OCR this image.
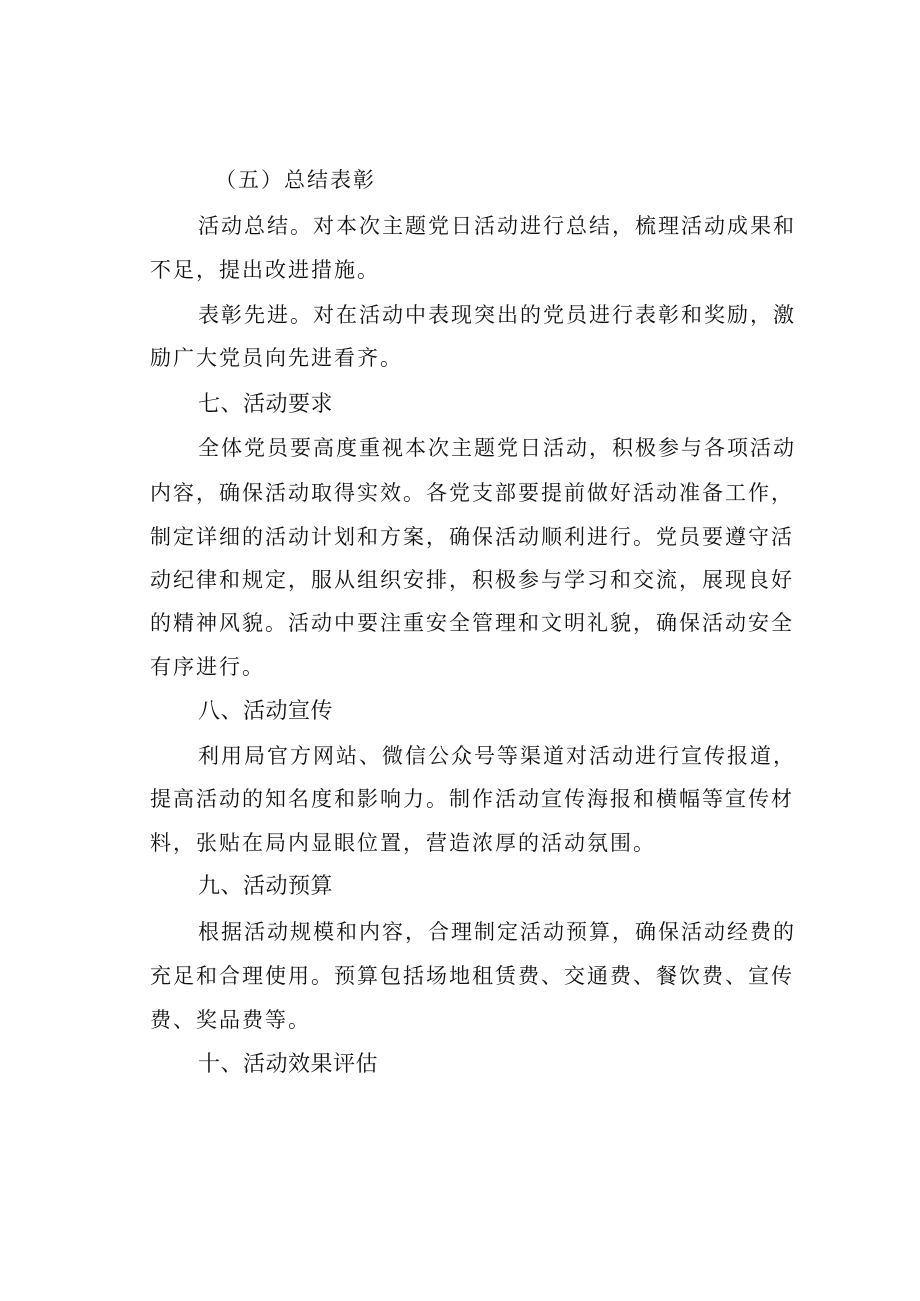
（五）总结表彰
活动总结。对本次主题党日活动进行总结，梳理活动成果和
不足，提出改进措施。
表彰先进。对在活动中表现突出的党员进行表彰和奖励，激
励广大党员向先进看齐。
七、活动要求
全体党员要高度重视本次主题党日活动，积极参与各项活动
内容，确保活动取得实效。各党支部要提前做好活动准备工作，
制定详细的活动计划和方案，确保活动顺利进行。党员要遵守活
动纪律和规定，服从组织安排，积极参与学习和交流，展现良好
的精神风貌。活动中要注重安全管理和文明礼貌，确保活动安全
有序进行。
八、活动宣传
利用局官方网站、微信公众号等渠道对活动进行宣传报道，
提高活动的知名度和影响力。制作活动宣传海报和横幅等宣传材
料，张贴在局内显眼位置，营造浓厚的活动氛围。
九、活动预算
根据活动规模和内容，合理制定活动预算，确保活动经费的
充足和合理使用。预算包括场地租赁费、交通费、餐饮费、宣传
费、奖品费等。
十、活动效果评估
